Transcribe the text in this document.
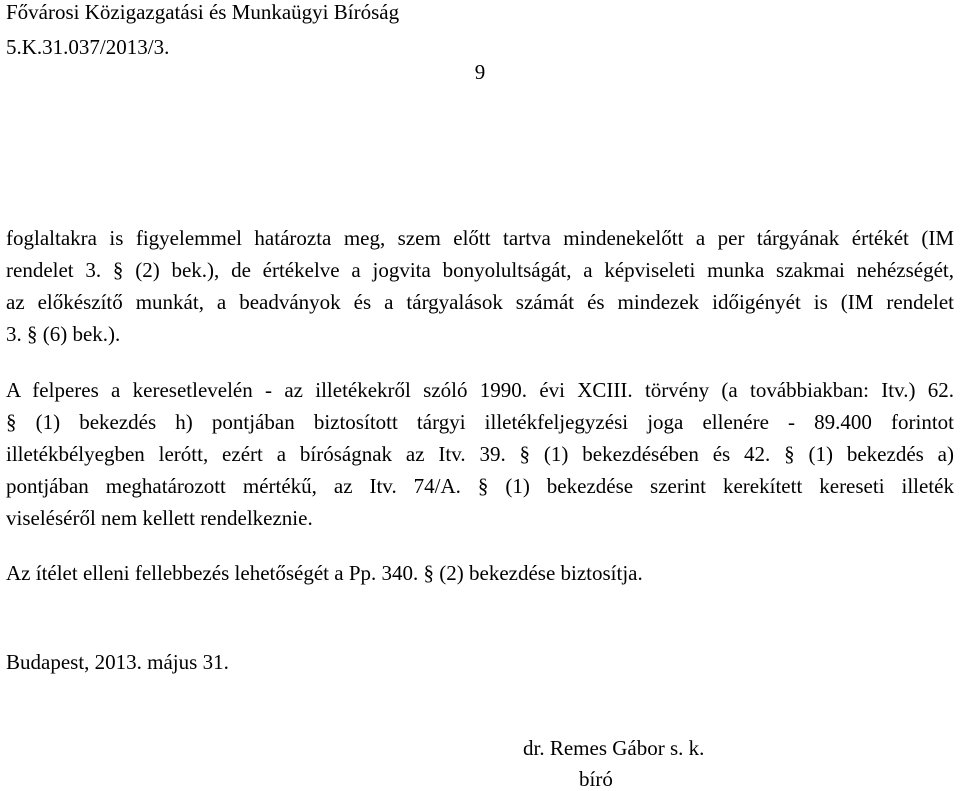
Fővárosi Közigazgatási és Munkaügyi Bíróság
5.K.31.037/2013/3.
9
foglaltakra is figyelemmel határozta meg, szem előtt tartva mindenekelőtt a per tárgyának értékét (IM
rendelet 3. § (2) bek.), de értékelve a jogvita bonyolultságát, a képviseleti munka szakmai nehézségét,
az előkészítő munkát, a beadványok és a tárgyalások számát és mindezek időigényét is (IM rendelet
3. § (6) bek.).
A felperes a keresetlevelén - az illetékekről szóló 1990. évi XCIII. törvény (a továbbiakban: Itv.) 62.
§ (1) bekezdés h) pontjában biztosított tárgyi illetékfeljegyzési joga ellenére - 89.400 forintot
illetékbélyegben lerótt, ezért a bíróságnak az Itv. 39. § (1) bekezdésében és 42. § (1) bekezdés a)
pontjában meghatározott mértékű, az Itv. 74/A. § (1) bekezdése szerint kerekített kereseti illeték
viseléséről nem kellett rendelkeznie.
Az ítélet elleni fellebbezés lehetőségét a Pp. 340. § (2) bekezdése biztosítja.
Budapest, 2013. május 31.
dr. Remes Gábor s. k.
bíró
